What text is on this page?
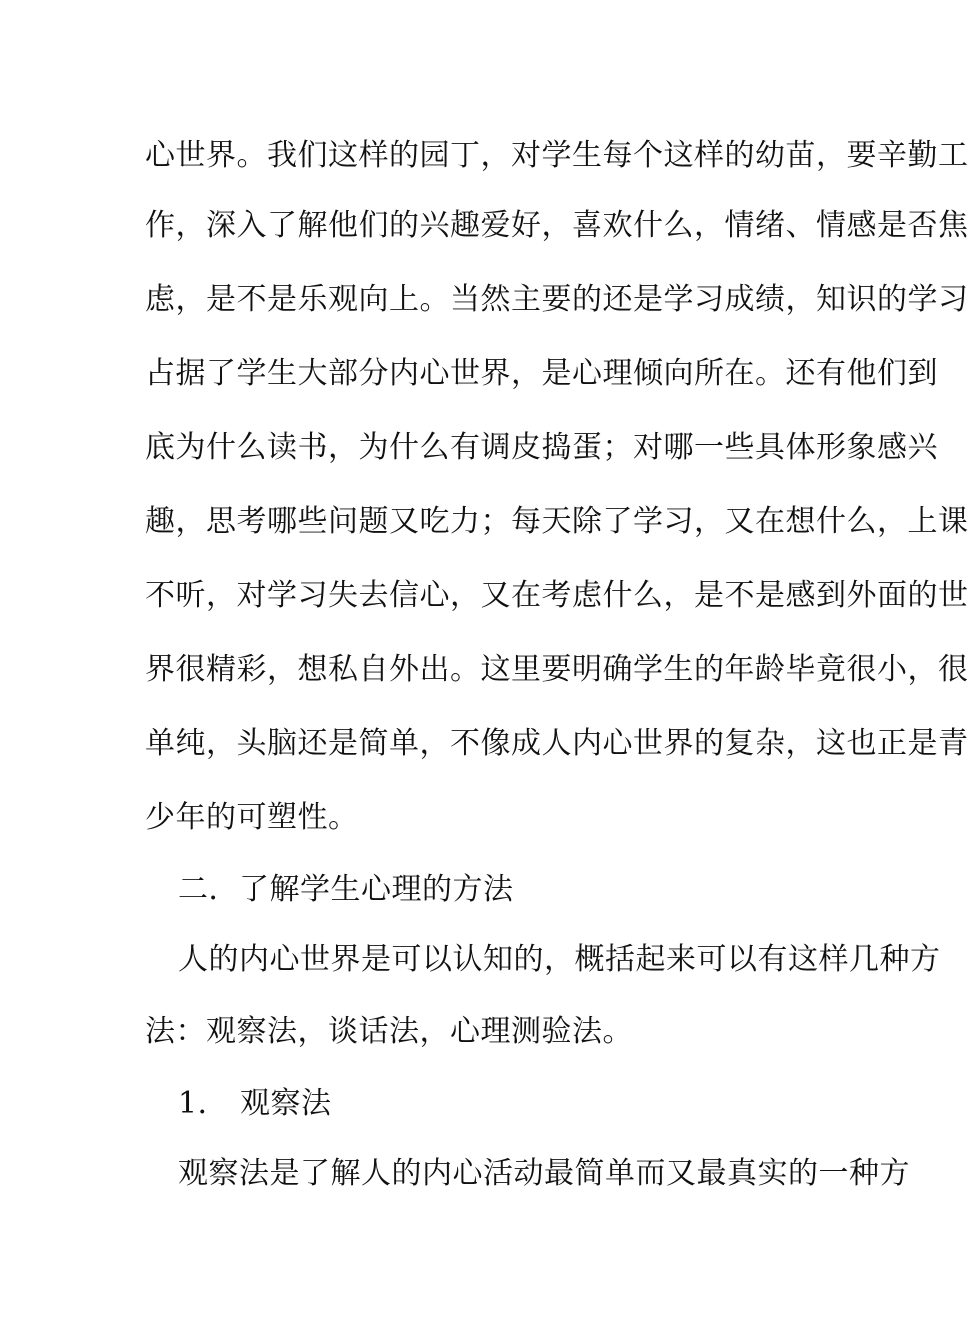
心世界。我们这样的园丁，对学生每个这样的幼苗，要辛勤工
作，深入了解他们的兴趣爱好，喜欢什么，情绪、情感是否焦
虑，是不是乐观向上。当然主要的还是学习成绩，知识的学习
占据了学生大部分内心世界，是心理倾向所在。还有他们到
底为什么读书，为什么有调皮捣蛋；对哪一些具体形象感兴
趣，思考哪些问题又吃力；每天除了学习，又在想什么，上课
不听，对学习失去信心，又在考虑什么，是不是感到外面的世
界很精彩，想私自外出。这里要明确学生的年龄毕竟很小，很
单纯，头脑还是简单，不像成人内心世界的复杂，这也正是青
少年的可塑性。
二．了解学生心理的方法
人的内心世界是可以认知的，概括起来可以有这样几种方
法：观察法，谈话法，心理测验法。
1． 观察法
观察法是了解人的内心活动最简单而又最真实的一种方
